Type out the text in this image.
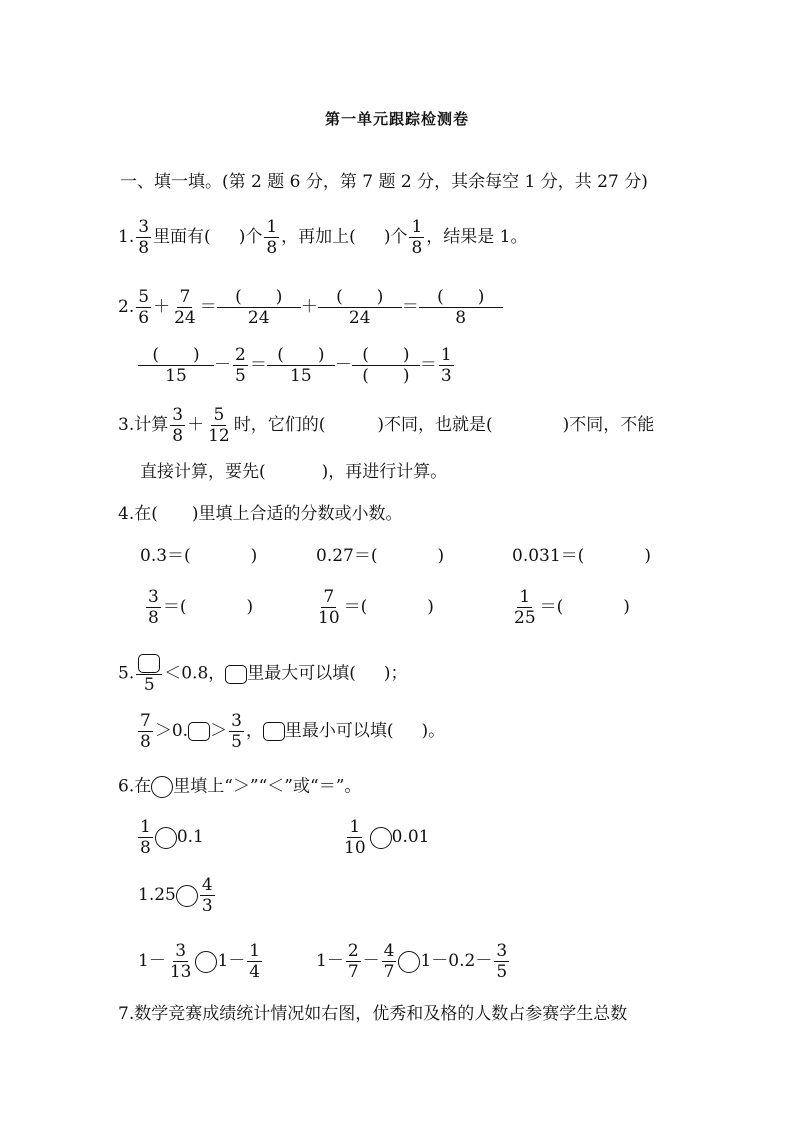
第一单元跟踪检测卷
一、填一填。(第 2 题 6 分，第 7 题 2 分，其余每空 1 分，共 27 分)
1. $\frac{3}{8}$ 里面有( )个 $\frac{1}{8}$ ，再加上( )个 $\frac{1}{8}$ ，结果是 1。
2. $\frac{5}{6} + \frac{7}{24}$ ＝	(　　)
24
＋	(　　)
24
＝	(　　)
8
(　　)
15
－ $\frac{2}{5}$ ＝ (　　)
15
－ (　　)
(　　)
＝ $\frac{1}{3}$
3.计算 $\frac{3}{8} + \frac{5}{12}$ 时，它们的(	)不同，也就是(	)不同，不能
直接计算，要先(	)，再进行计算。
4.在(　　)里填上合适的分数或小数。
0.3＝(	)	0.27＝(	)	0.031＝(	)
$\frac{3}{8}$ ＝(	)	$\frac{7}{10}$ ＝(	)	$\frac{1}{25}$ ＝(	)
5.
5
＜0.8， 里最大可以填( )；
$\frac{7}{8} >0$. ＞ $\frac{3}{5}$ ， 里最小可以填( )。
6.在 里填上“＞”“＜”或“＝”。
$\frac{1}{8} 0.1$	$\frac{1}{10} 0.01$
$1.25 \frac{4}{3}$
$1- \frac{3}{13} 1- \frac{1}{4}$	$1- \frac{2}{7} - \frac{4}{7} 1-0.2- \frac{3}{5}$
7.数学竞赛成绩统计情况如右图，优秀和及格的人数占参赛学生总数
